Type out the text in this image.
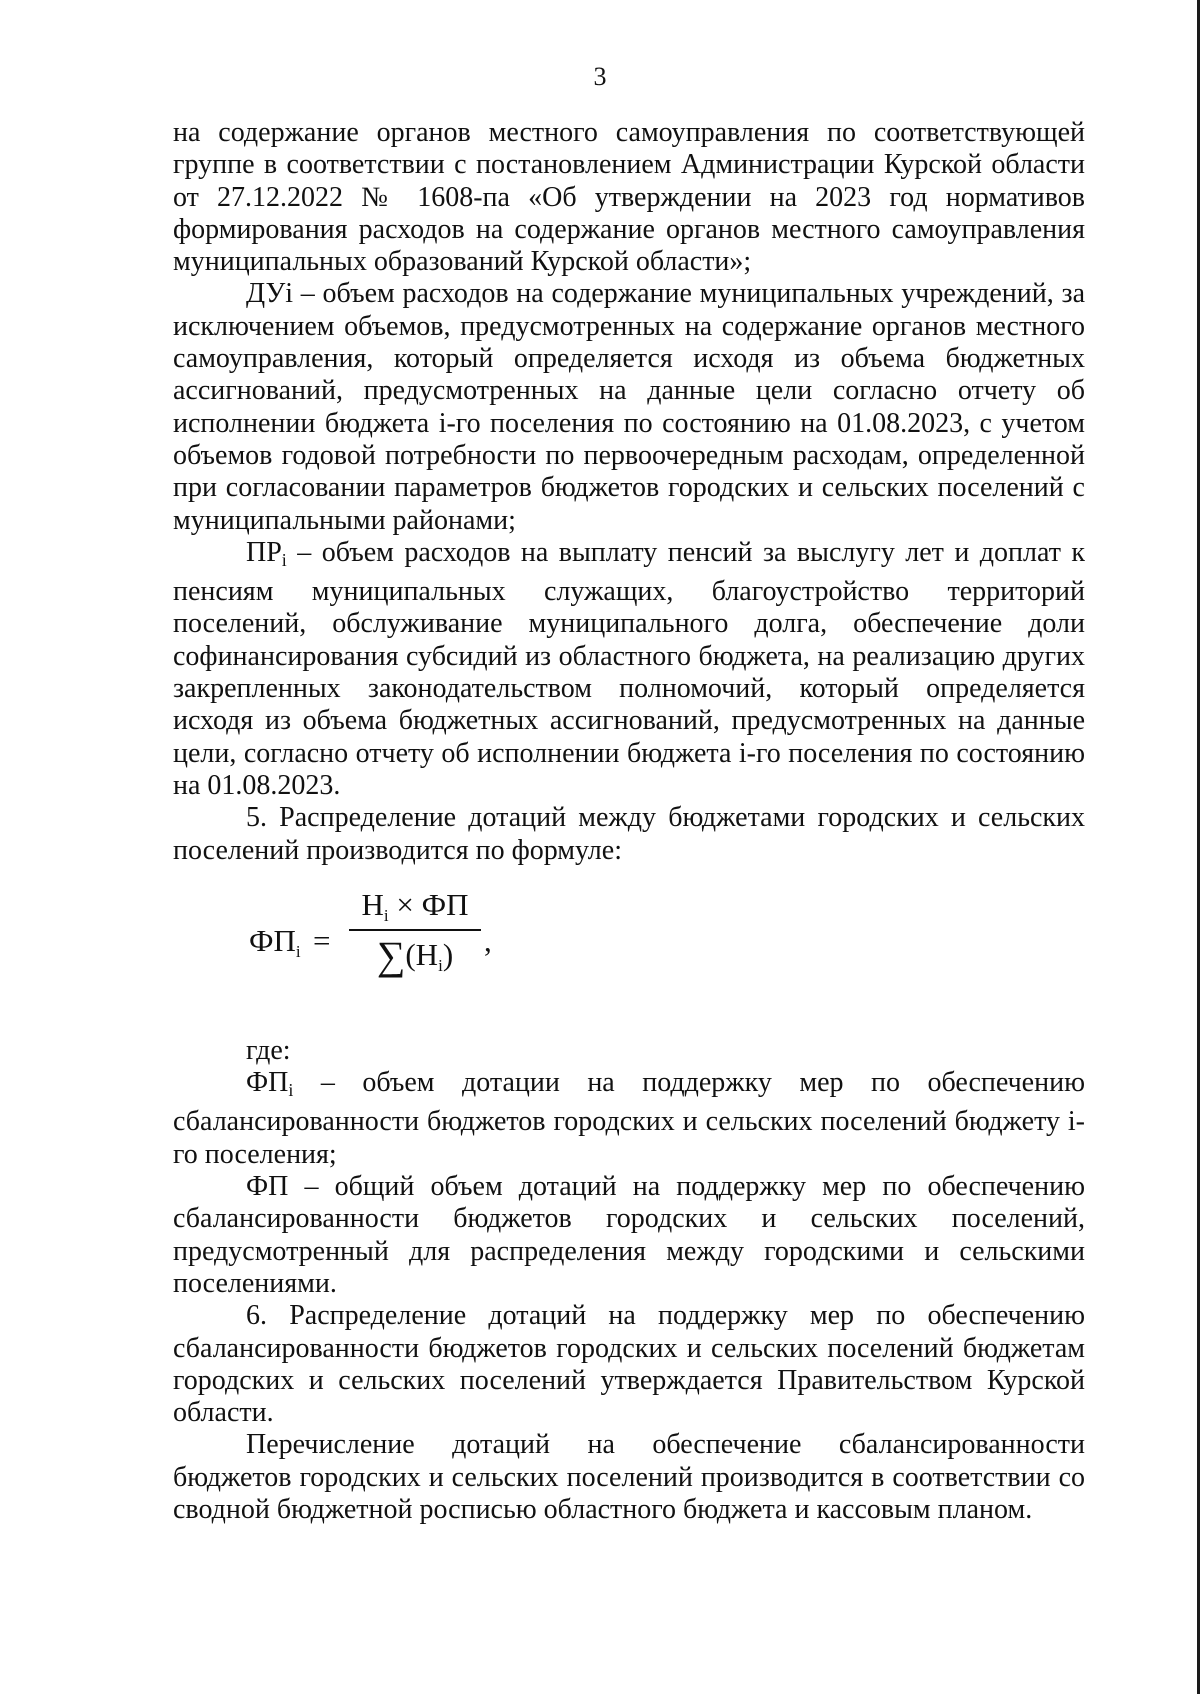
3

на содержание органов местного самоуправления по соответствующей группе в соответствии с постановлением Администрации Курской области от 27.12.2022 № 1608-па «Об утверждении на 2023 год нормативов формирования расходов на содержание органов местного самоуправления муниципальных образований Курской области»;

ДУі – объем расходов на содержание муниципальных учреждений, за исключением объемов, предусмотренных на содержание органов местного самоуправления, который определяется исходя из объема бюджетных ассигнований, предусмотренных на данные цели согласно отчету об исполнении бюджета і-го поселения по состоянию на 01.08.2023, с учетом объемов годовой потребности по первоочередным расходам, определенной при согласовании параметров бюджетов городских и сельских поселений с муниципальными районами;

$ПР_і$ – объем расходов на выплату пенсий за выслугу лет и доплат к пенсиям муниципальных служащих, благоустройство территорий поселений, обслуживание муниципального долга, обеспечение доли софинансирования субсидий из областного бюджета, на реализацию других закрепленных законодательством полномочий, который определяется исходя из объема бюджетных ассигнований, предусмотренных на данные цели, согласно отчету об исполнении бюджета і-го поселения по состоянию на 01.08.2023.

5. Распределение дотаций между бюджетами городских и сельских поселений производится по формуле:

$ФП_i$ =
$Н_i$ × ФП
$\sum(Н_i)$ ,

где:

$ФП_і$ – объем дотации на поддержку мер по обеспечению сбалансированности бюджетов городских и сельских поселений бюджету і-го поселения;

ФП – общий объем дотаций на поддержку мер по обеспечению сбалансированности бюджетов городских и сельских поселений, предусмотренный для распределения между городскими и сельскими поселениями.

6. Распределение дотаций на поддержку мер по обеспечению сбалансированности бюджетов городских и сельских поселений бюджетам городских и сельских поселений утверждается Правительством Курской области.

Перечисление дотаций на обеспечение сбалансированности бюджетов городских и сельских поселений производится в соответствии со сводной бюджетной росписью областного бюджета и кассовым планом.
